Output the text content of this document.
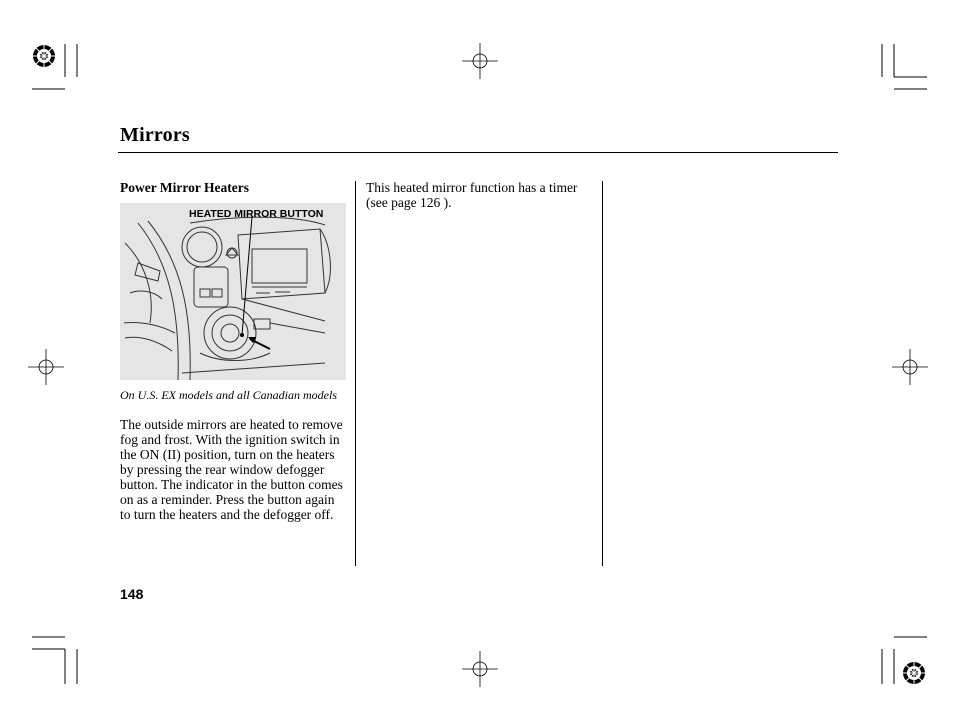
Mirrors
Power Mirror Heaters
HEATED MIRROR BUTTON
On U.S. EX models and all Canadian models
The outside mirrors are heated to remove fog and frost. With the ignition switch in the ON (II) position, turn on the heaters by pressing the rear window defogger button. The indicator in the button comes on as a reminder. Press the button again to turn the heaters and the defogger off.
This heated mirror function has a timer (see page 126 ).
148
